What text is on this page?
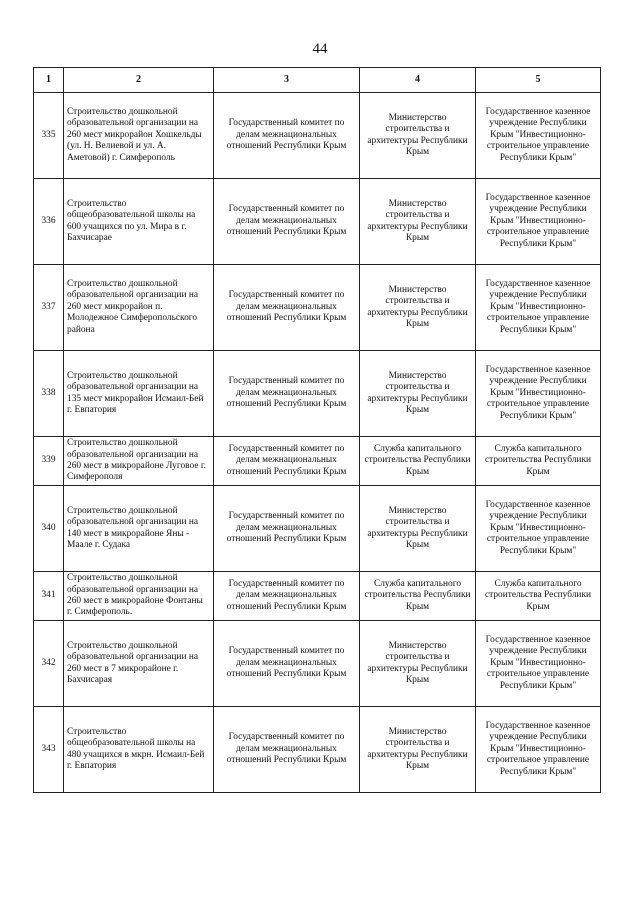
44
1	2	3	4	5
335	Строительство дошкольной образовательной организации на 260 мест микрорайон Хошкельды (ул. Н. Велиевой и ул. А. Аметовой) г. Симферополь	Государственный комитет по делам межнациональных отношений Республики Крым	Министерство строительства и архитектуры Республики Крым	Государственное казенное учреждение Республики Крым "Инвестиционно-строительное управление Республики Крым"
336	Строительство общеобразовательной школы на 600 учащихся по ул. Мира в г. Бахчисарае	Государственный комитет по делам межнациональных отношений Республики Крым	Министерство строительства и архитектуры Республики Крым	Государственное казенное учреждение Республики Крым "Инвестиционно-строительное управление Республики Крым"
337	Строительство дошкольной образовательной организации на 260 мест микрорайон п. Молодежное Симферопольского района	Государственный комитет по делам межнациональных отношений Республики Крым	Министерство строительства и архитектуры Республики Крым	Государственное казенное учреждение Республики Крым "Инвестиционно-строительное управление Республики Крым"
338	Строительство дошкольной образовательной организации на 135 мест микрорайон Исмаил-Бей г. Евпатория	Государственный комитет по делам межнациональных отношений Республики Крым	Министерство строительства и архитектуры Республики Крым	Государственное казенное учреждение Республики Крым "Инвестиционно-строительное управление Республики Крым"
339	Строительство дошкольной образовательной организации на 260 мест в микрорайоне Луговое г. Симферополя	Государственный комитет по делам межнациональных отношений Республики Крым	Служба капитального строительства Республики Крым	Служба капитального строительства Республики Крым
340	Строительство дошкольной образовательной организации на 140 мест в микрорайоне Яны - Маале г. Судака	Государственный комитет по делам межнациональных отношений Республики Крым	Министерство строительства и архитектуры Республики Крым	Государственное казенное учреждение Республики Крым "Инвестиционно-строительное управление Республики Крым"
341	Строительство дошкольной образовательной организации на 260 мест в микрорайоне Фонтаны г. Симферополь.	Государственный комитет по делам межнациональных отношений Республики Крым	Служба капитального строительства Республики Крым	Служба капитального строительства Республики Крым
342	Строительство дошкольной образовательной организации на 260 мест в 7 микрорайоне г. Бахчисарая	Государственный комитет по делам межнациональных отношений Республики Крым	Министерство строительства и архитектуры Республики Крым	Государственное казенное учреждение Республики Крым "Инвестиционно-строительное управление Республики Крым"
343	Строительство общеобразовательной школы на 480 учащихся в мкрн. Исмаил-Бей г. Евпатория	Государственный комитет по делам межнациональных отношений Республики Крым	Министерство строительства и архитектуры Республики Крым	Государственное казенное учреждение Республики Крым "Инвестиционно-строительное управление Республики Крым"
